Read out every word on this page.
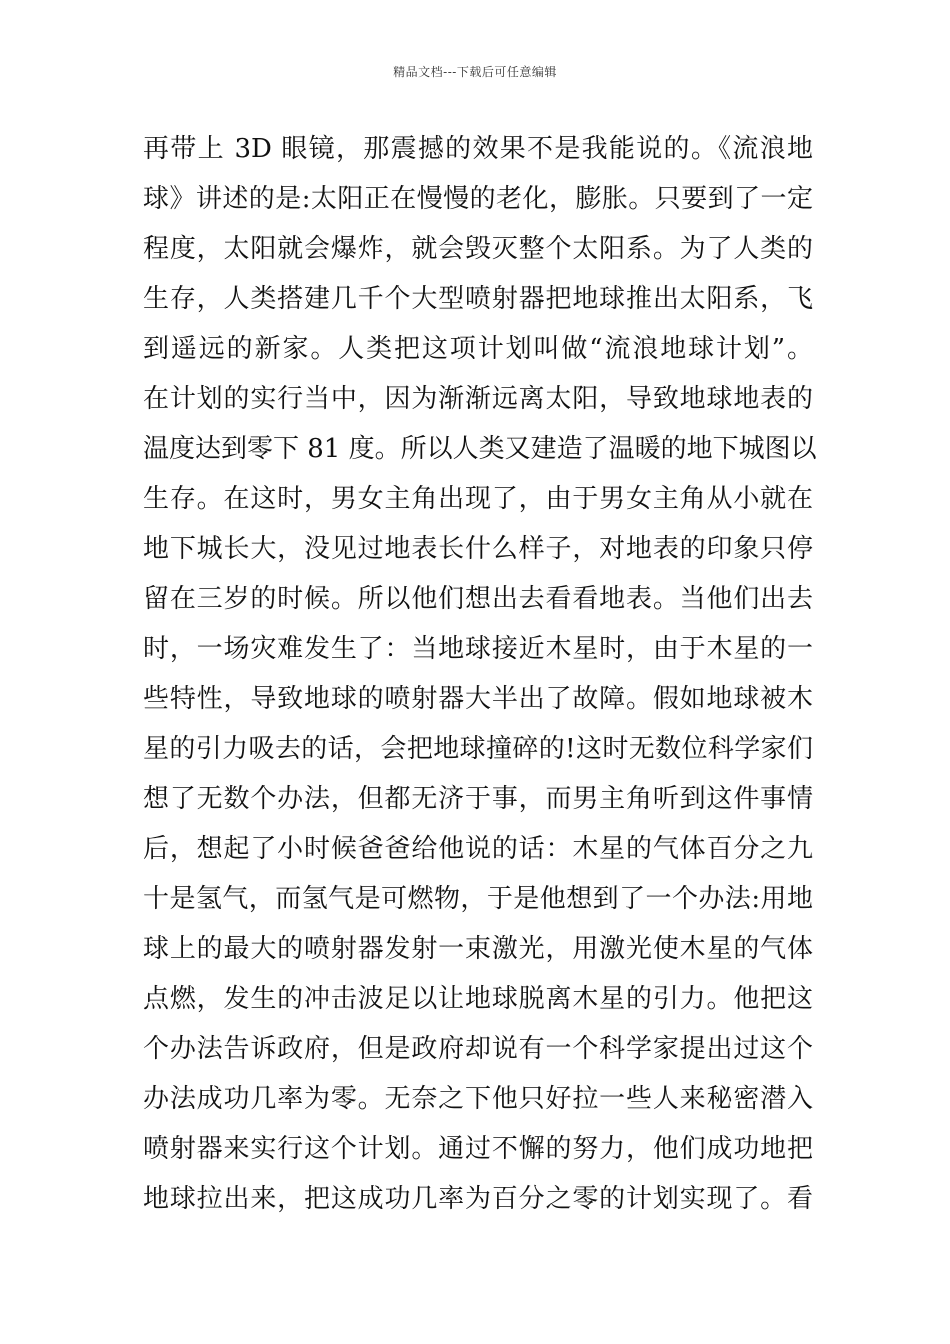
精品文档---下载后可任意编辑
再带上 3D 眼镜，那震撼的效果不是我能说的。《流浪地
球》讲述的是:太阳正在慢慢的老化，膨胀。只要到了一定
程度，太阳就会爆炸，就会毁灭整个太阳系。为了人类的
生存，人类搭建几千个大型喷射器把地球推出太阳系，飞
到遥远的新家。人类把这项计划叫做“流浪地球计划”。
在计划的实行当中，因为渐渐远离太阳，导致地球地表的
温度达到零下 81 度。所以人类又建造了温暖的地下城图以
生存。在这时，男女主角出现了，由于男女主角从小就在
地下城长大，没见过地表长什么样子，对地表的印象只停
留在三岁的时候。所以他们想出去看看地表。当他们出去
时，一场灾难发生了：当地球接近木星时，由于木星的一
些特性，导致地球的喷射器大半出了故障。假如地球被木
星的引力吸去的话，会把地球撞碎的!这时无数位科学家们
想了无数个办法，但都无济于事，而男主角听到这件事情
后，想起了小时候爸爸给他说的话：木星的气体百分之九
十是氢气，而氢气是可燃物，于是他想到了一个办法:用地
球上的最大的喷射器发射一束激光，用激光使木星的气体
点燃，发生的冲击波足以让地球脱离木星的引力。他把这
个办法告诉政府，但是政府却说有一个科学家提出过这个
办法成功几率为零。无奈之下他只好拉一些人来秘密潜入
喷射器来实行这个计划。通过不懈的努力，他们成功地把
地球拉出来，把这成功几率为百分之零的计划实现了。看
